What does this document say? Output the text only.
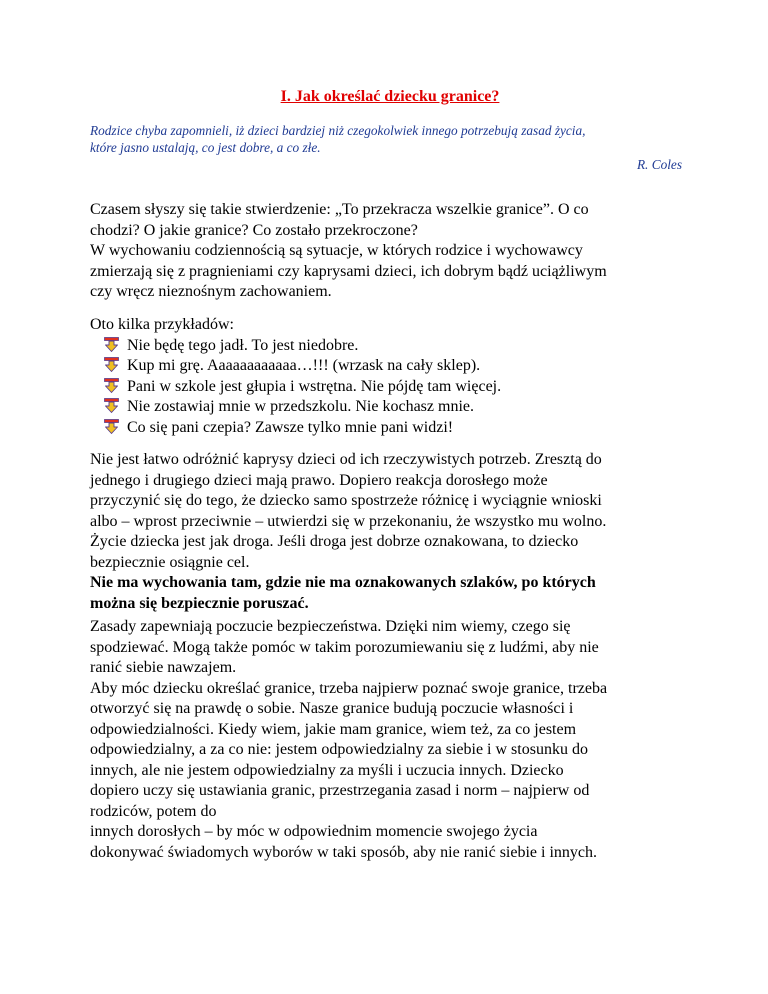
I. Jak określać dziecku granice?
Rodzice chyba zapomnieli, iż dzieci bardziej niż czegokolwiek innego potrzebują zasad życia,
które jasno ustalają, co jest dobre, a co złe.
R. Coles
Czasem słyszy się takie stwierdzenie: „To przekracza wszelkie granice”. O co
chodzi? O jakie granice? Co zostało przekroczone?
W wychowaniu codziennością są sytuacje, w których rodzice i wychowawcy
zmierzają się z pragnieniami czy kaprysami dzieci, ich dobrym bądź uciążliwym
czy wręcz nieznośnym zachowaniem.
Oto kilka przykładów:
Nie będę tego jadł. To jest niedobre.
Kup mi grę. Aaaaaaaaaaaa…!!! (wrzask na cały sklep).
Pani w szkole jest głupia i wstrętna. Nie pójdę tam więcej.
Nie zostawiaj mnie w przedszkolu. Nie kochasz mnie.
Co się pani czepia? Zawsze tylko mnie pani widzi!
Nie jest łatwo odróżnić kaprysy dzieci od ich rzeczywistych potrzeb. Zresztą do
jednego i drugiego dzieci mają prawo. Dopiero reakcja dorosłego może
przyczynić się do tego, że dziecko samo spostrzeże różnicę i wyciągnie wnioski
albo – wprost przeciwnie – utwierdzi się w przekonaniu, że wszystko mu wolno.
Życie dziecka jest jak droga. Jeśli droga jest dobrze oznakowana, to dziecko
bezpiecznie osiągnie cel.
Nie ma wychowania tam, gdzie nie ma oznakowanych szlaków, po których
można się bezpiecznie poruszać.
Zasady zapewniają poczucie bezpieczeństwa. Dzięki nim wiemy, czego się
spodziewać. Mogą także pomóc w takim porozumiewaniu się z ludźmi, aby nie
ranić siebie nawzajem.
Aby móc dziecku określać granice, trzeba najpierw poznać swoje granice, trzeba
otworzyć się na prawdę o sobie. Nasze granice budują poczucie własności i
odpowiedzialności. Kiedy wiem, jakie mam granice, wiem też, za co jestem
odpowiedzialny, a za co nie: jestem odpowiedzialny za siebie i w stosunku do
innych, ale nie jestem odpowiedzialny za myśli i uczucia innych. Dziecko
dopiero uczy się ustawiania granic, przestrzegania zasad i norm – najpierw od
rodziców, potem do
innych dorosłych – by móc w odpowiednim momencie swojego życia
dokonywać świadomych wyborów w taki sposób, aby nie ranić siebie i innych.
